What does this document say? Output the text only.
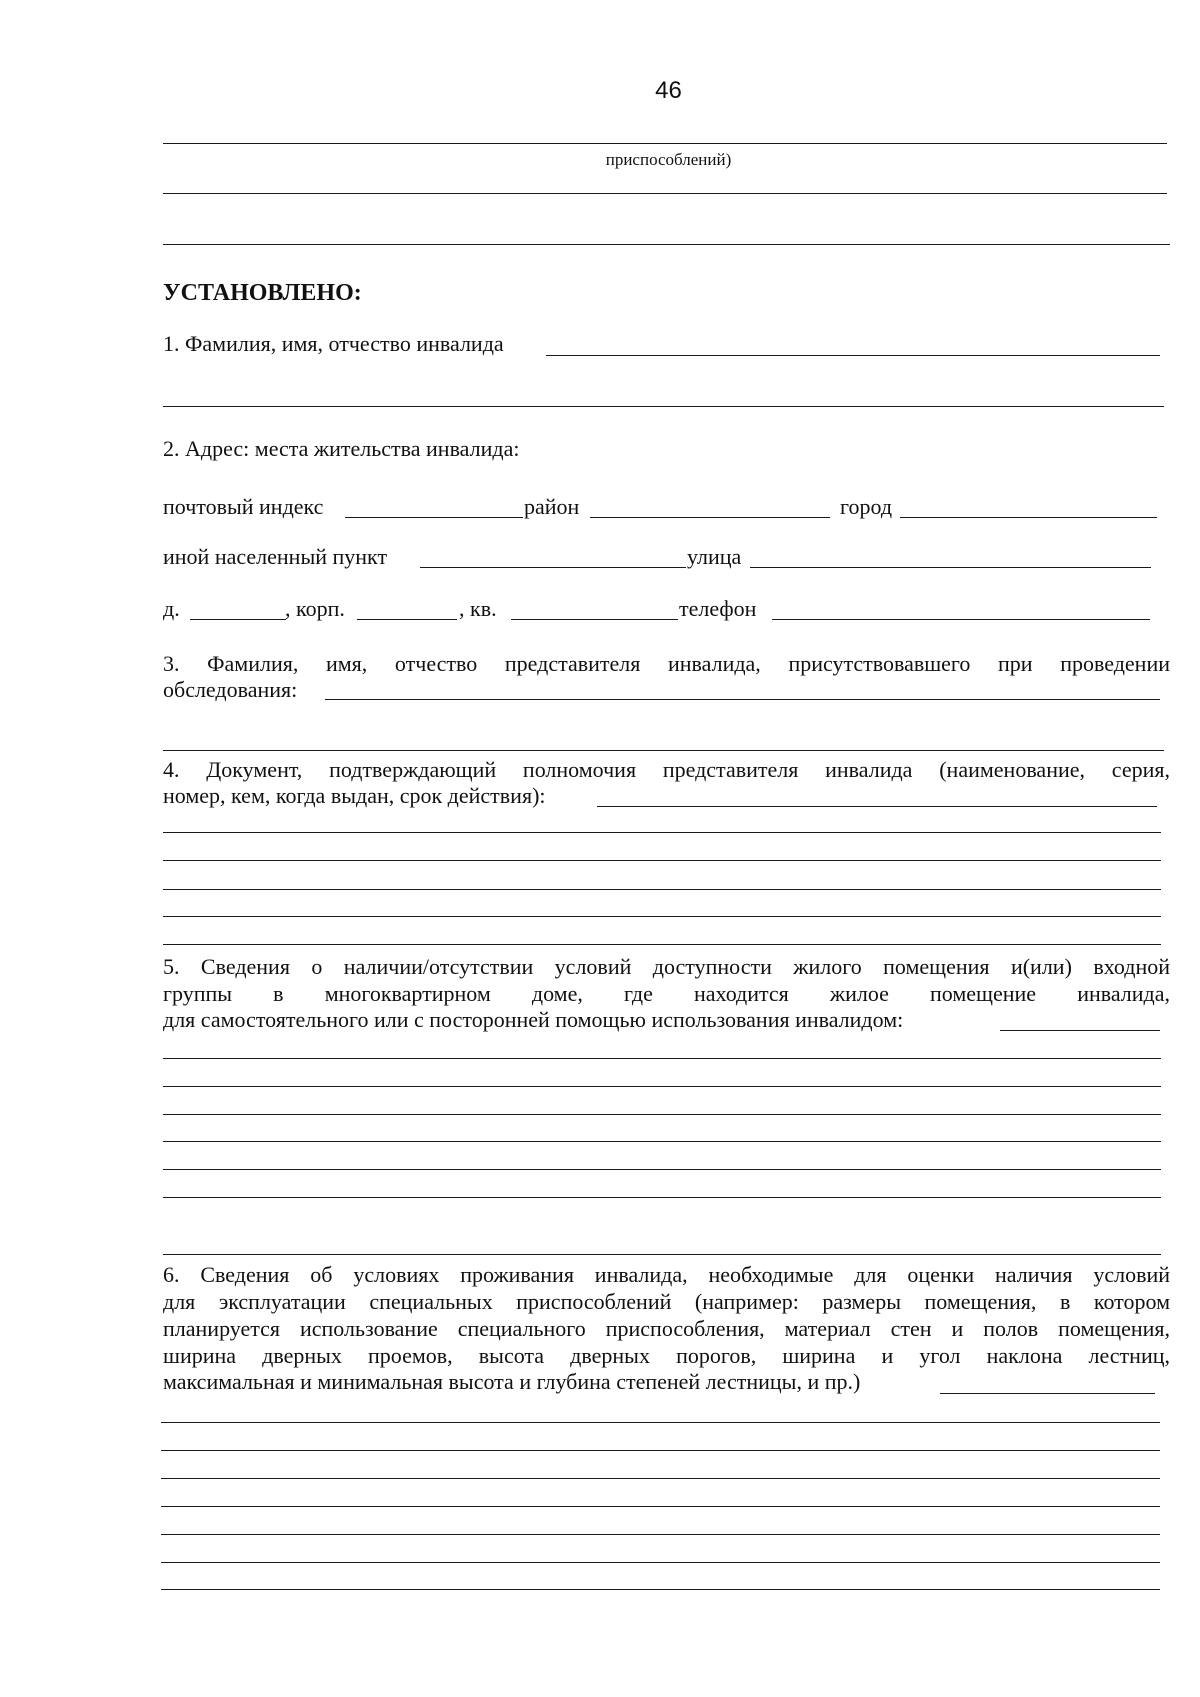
46
приспособлений)
УСТАНОВЛЕНО:
1. Фамилия, имя, отчество инвалида
2. Адрес: места жительства инвалида:
почтовый индекс	район	город
иной населенный пункт	улица
д.	, корп.	, кв.	телефон
3. Фамилия, имя, отчество представителя инвалида, присутствовавшего при проведении
обследования:
4. Документ, подтверждающий полномочия представителя инвалида (наименование, серия,
номер, кем, когда выдан, срок действия):
5. Сведения о наличии/отсутствии условий доступности жилого помещения и(или) входной
группы в многоквартирном доме, где находится жилое помещение инвалида,
для самостоятельного или с посторонней помощью использования инвалидом:
6. Сведения об условиях проживания инвалида, необходимые для оценки наличия условий
для эксплуатации специальных приспособлений (например: размеры помещения, в котором
планируется использование специального приспособления, материал стен и полов помещения,
ширина дверных проемов, высота дверных порогов, ширина и угол наклона лестниц,
максимальная и минимальная высота и глубина степеней лестницы, и пр.)
